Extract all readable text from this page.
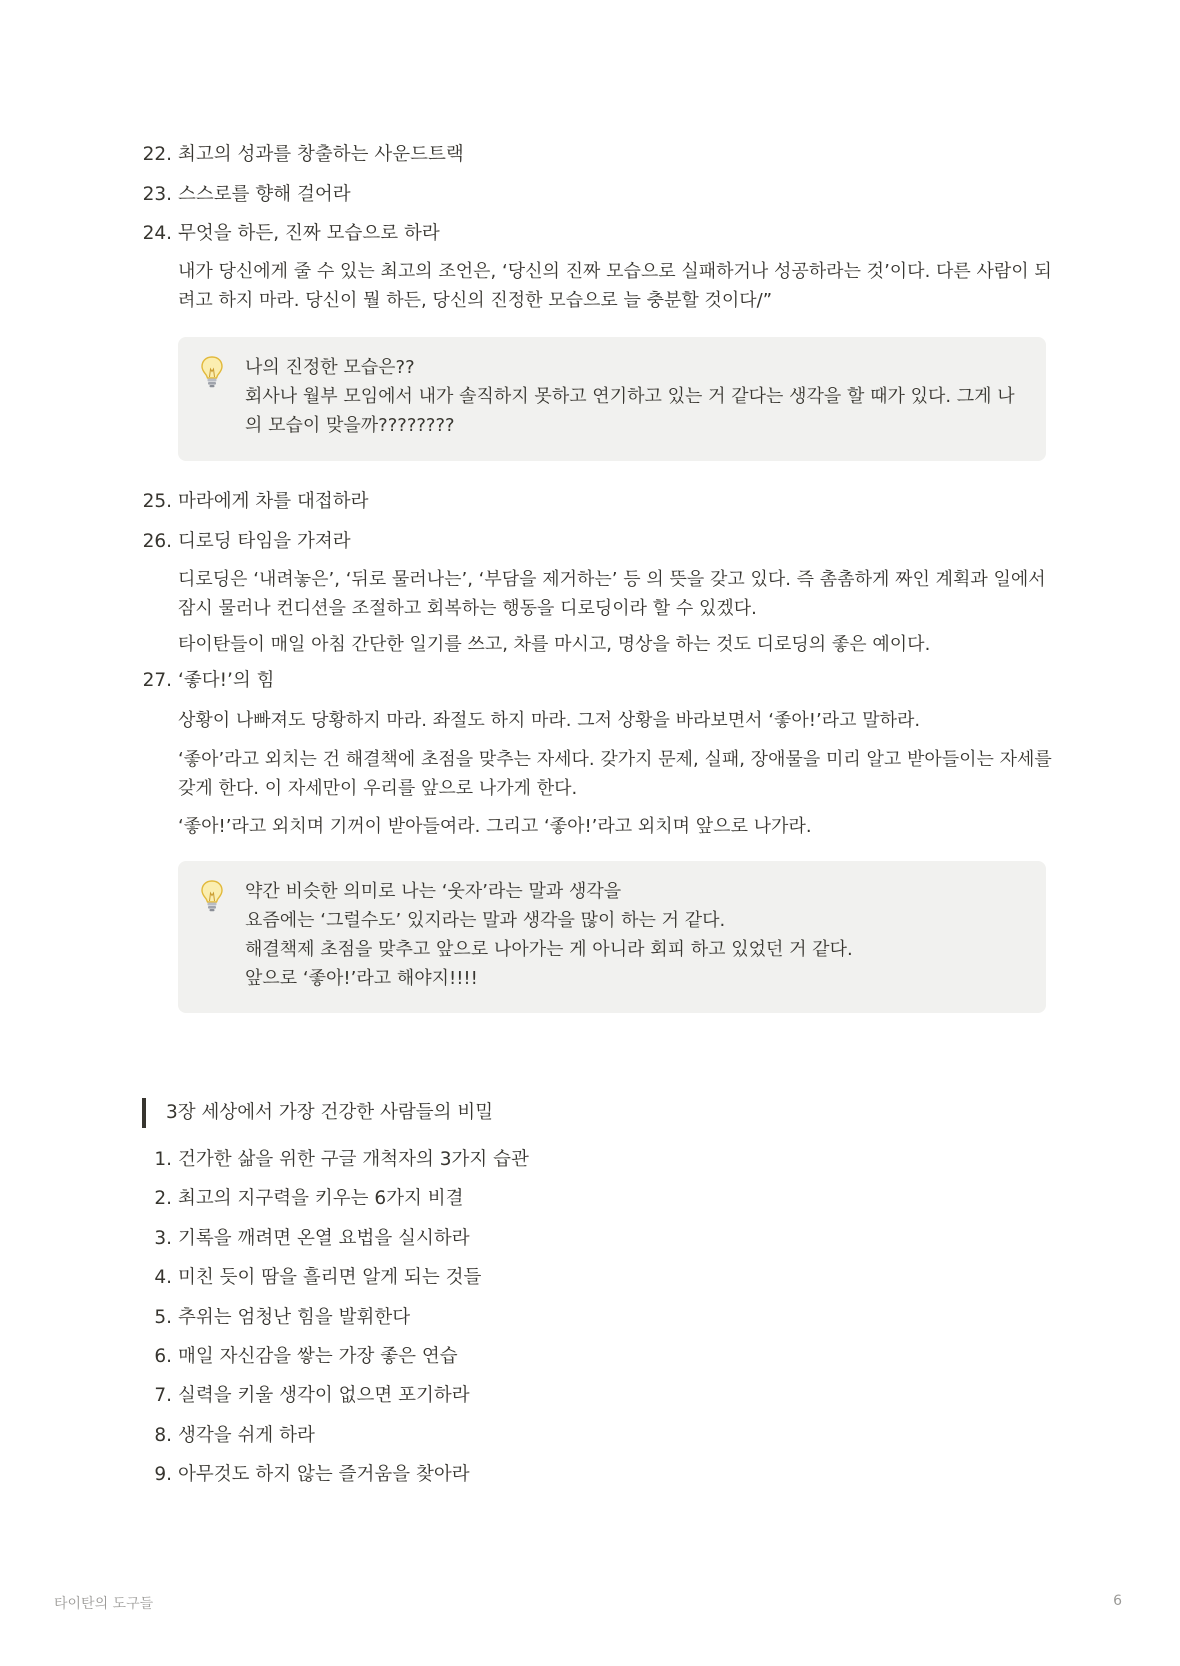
22. 최고의 성과를 창출하는 사운드트랙
23. 스스로를 향해 걸어라
24. 무엇을 하든, 진짜 모습으로 하라
내가 당신에게 줄 수 있는 최고의 조언은, ‘당신의 진짜 모습으로 실패하거나 성공하라는 것’이다. 다른 사람이 되려고 하지 마라. 당신이 뭘 하든, 당신의 진정한 모습으로 늘 충분할 것이다/”
나의 진정한 모습은??
회사나 월부 모임에서 내가 솔직하지 못하고 연기하고 있는 거 같다는 생각을 할 때가 있다. 그게 나
의 모습이 맞을까????????
25. 마라에게 차를 대접하라
26. 디로딩 타임을 가져라
디로딩은 ‘내려놓은’, ‘뒤로 물러나는’, ‘부담을 제거하는’ 등 의 뜻을 갖고 있다. 즉 촘촘하게 짜인 계획과 일에서 잠시 물러나 컨디션을 조절하고 회복하는 행동을 디로딩이라 할 수 있겠다.
타이탄들이 매일 아침 간단한 일기를 쓰고, 차를 마시고, 명상을 하는 것도 디로딩의 좋은 예이다.
27. ‘좋다!’의 힘
상황이 나빠져도 당황하지 마라. 좌절도 하지 마라. 그저 상황을 바라보면서 ‘좋아!’라고 말하라.
‘좋아’라고 외치는 건 해결책에 초점을 맞추는 자세다. 갖가지 문제, 실패, 장애물을 미리 알고 받아들이는 자세를 갖게 한다. 이 자세만이 우리를 앞으로 나가게 한다.
‘좋아!’라고 외치며 기꺼이 받아들여라. 그리고 ‘좋아!’라고 외치며 앞으로 나가라.
약간 비슷한 의미로 나는 ‘웃자’라는 말과 생각을
요즘에는 ‘그럴수도’ 있지라는 말과 생각을 많이 하는 거 같다.
해결책제 초점을 맞추고 앞으로 나아가는 게 아니라 회피 하고 있었던 거 같다.
앞으로 ‘좋아!’라고 해야지!!!!
3장 세상에서 가장 건강한 사람들의 비밀
1. 건가한 삶을 위한 구글 개척자의 3가지 습관
2. 최고의 지구력을 키우는 6가지 비결
3. 기록을 깨려면 온열 요법을 실시하라
4. 미친 듯이 땀을 흘리면 알게 되는 것들
5. 추위는 엄청난 힘을 발휘한다
6. 매일 자신감을 쌓는 가장 좋은 연습
7. 실력을 키울 생각이 없으면 포기하라
8. 생각을 쉬게 하라
9. 아무것도 하지 않는 즐거움을 찾아라
타이탄의 도구들	6
